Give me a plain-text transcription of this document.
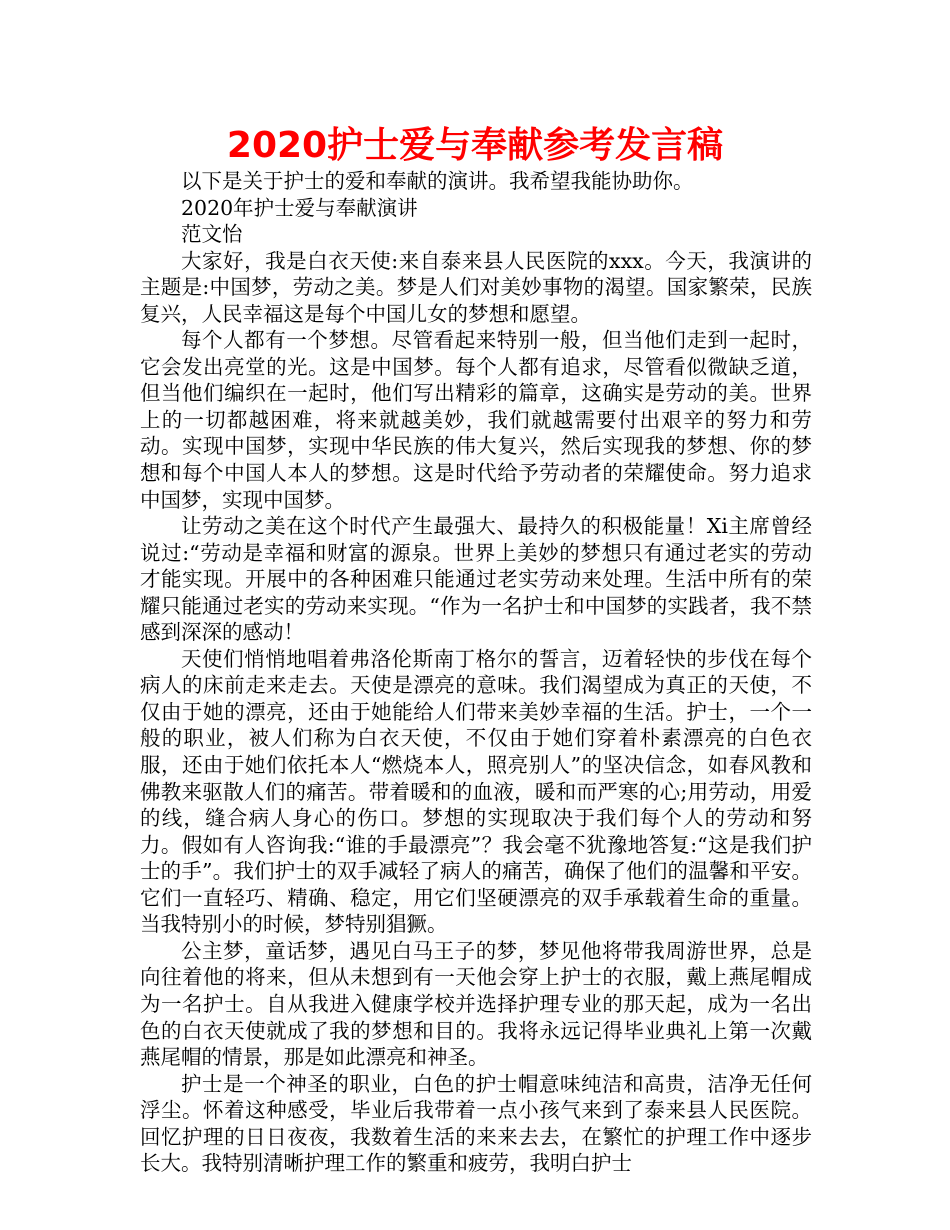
2020护士爱与奉献参考发言稿

以下是关于护士的爱和奉献的演讲。我希望我能协助你。

2020年护士爱与奉献演讲

范文怡

大家好，我是白衣天使:来自泰来县人民医院的xxx。今天，我演讲的主题是:中国梦，劳动之美。梦是人们对美妙事物的渴望。国家繁荣，民族复兴，人民幸福这是每个中国儿女的梦想和愿望。

每个人都有一个梦想。尽管看起来特别一般，但当他们走到一起时，它会发出亮堂的光。这是中国梦。每个人都有追求，尽管看似微缺乏道，但当他们编织在一起时，他们写出精彩的篇章，这确实是劳动的美。世界上的一切都越困难，将来就越美妙，我们就越需要付出艰辛的努力和劳动。实现中国梦，实现中华民族的伟大复兴，然后实现我的梦想、你的梦想和每个中国人本人的梦想。这是时代给予劳动者的荣耀使命。努力追求中国梦，实现中国梦。

让劳动之美在这个时代产生最强大、最持久的积极能量！Xi主席曾经说过:“劳动是幸福和财富的源泉。世界上美妙的梦想只有通过老实的劳动才能实现。开展中的各种困难只能通过老实劳动来处理。生活中所有的荣耀只能通过老实的劳动来实现。“作为一名护士和中国梦的实践者，我不禁感到深深的感动！

天使们悄悄地唱着弗洛伦斯南丁格尔的誓言，迈着轻快的步伐在每个病人的床前走来走去。天使是漂亮的意味。我们渴望成为真正的天使，不仅由于她的漂亮，还由于她能给人们带来美妙幸福的生活。护士，一个一般的职业，被人们称为白衣天使，不仅由于她们穿着朴素漂亮的白色衣服，还由于她们依托本人“燃烧本人，照亮别人”的坚决信念，如春风教和佛教来驱散人们的痛苦。带着暖和的血液，暖和而严寒的心;用劳动，用爱的线，缝合病人身心的伤口。梦想的实现取决于我们每个人的劳动和努力。假如有人咨询我:“谁的手最漂亮”？我会毫不犹豫地答复:“这是我们护士的手”。我们护士的双手减轻了病人的痛苦，确保了他们的温馨和平安。它们一直轻巧、精确、稳定，用它们坚硬漂亮的双手承载着生命的重量。当我特别小的时候，梦特别猖獗。

公主梦，童话梦，遇见白马王子的梦，梦见他将带我周游世界，总是向往着他的将来，但从未想到有一天他会穿上护士的衣服，戴上燕尾帽成为一名护士。自从我进入健康学校并选择护理专业的那天起，成为一名出色的白衣天使就成了我的梦想和目的。我将永远记得毕业典礼上第一次戴燕尾帽的情景，那是如此漂亮和神圣。

护士是一个神圣的职业，白色的护士帽意味纯洁和高贵，洁净无任何浮尘。怀着这种感受，毕业后我带着一点小孩气来到了泰来县人民医院。回忆护理的日日夜夜，我数着生活的来来去去，在繁忙的护理工作中逐步长大。我特别清晰护理工作的繁重和疲劳，我明白护士
